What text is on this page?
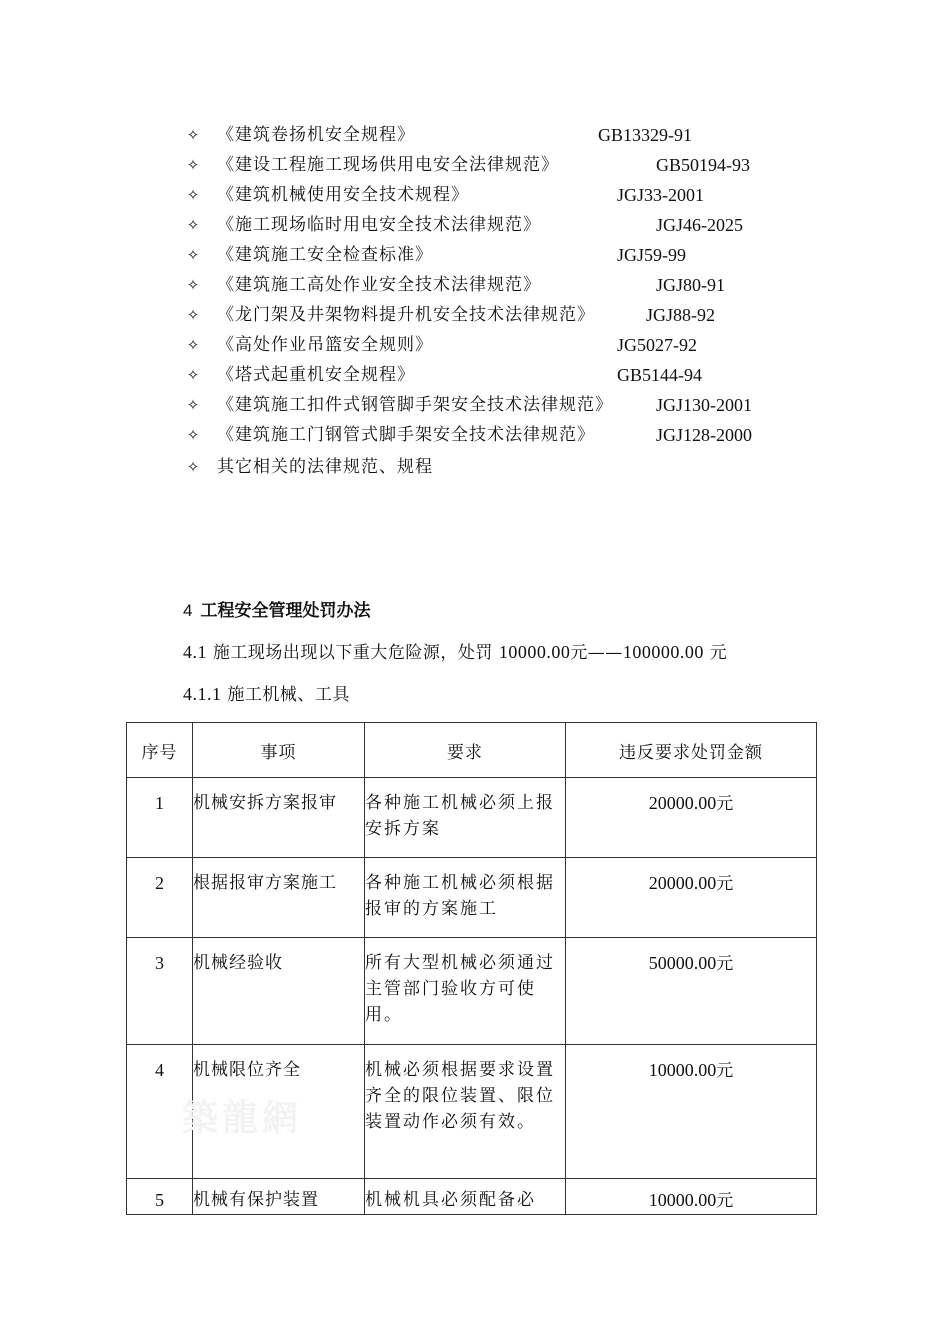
✧	《建筑卷扬机安全规程》	GB13329-91
✧	《建设工程施工现场供用电安全法律规范》	GB50194-93
✧	《建筑机械使用安全技术规程》	JGJ33-2001
✧	《施工现场临时用电安全技术法律规范》	JGJ46-2025
✧	《建筑施工安全检查标准》	JGJ59-99
✧	《建筑施工高处作业安全技术法律规范》	JGJ80-91
✧	《龙门架及井架物料提升机安全技术法律规范》	JGJ88-92
✧	《高处作业吊篮安全规则》	JG5027-92
✧	《塔式起重机安全规程》	GB5144-94
✧	《建筑施工扣件式钢管脚手架安全技术法律规范》 JGJ130-2001
✧	《建筑施工门钢管式脚手架安全技术法律规范》	JGJ128-2000
✧	其它相关的法律规范、规程
4 工程安全管理处罚办法
4.1 施工现场出现以下重大危险源，处罚 10000.00元——100000.00 元
4.1.1 施工机械、工具
序号	事项	要求	违反要求处罚金额
1	机械安拆方案报审	各种施工机械必须上报安拆方案	20000.00元
2	根据报审方案施工	各种施工机械必须根据报审的方案施工	20000.00元
3	机械经验收	所有大型机械必须通过主管部门验收方可使用。	50000.00元
4	机械限位齐全	机械必须根据要求设置齐全的限位装置、限位装置动作必须有效。	10000.00元
5	机械有保护装置	机械机具必须配备必	10000.00元
築龍網
